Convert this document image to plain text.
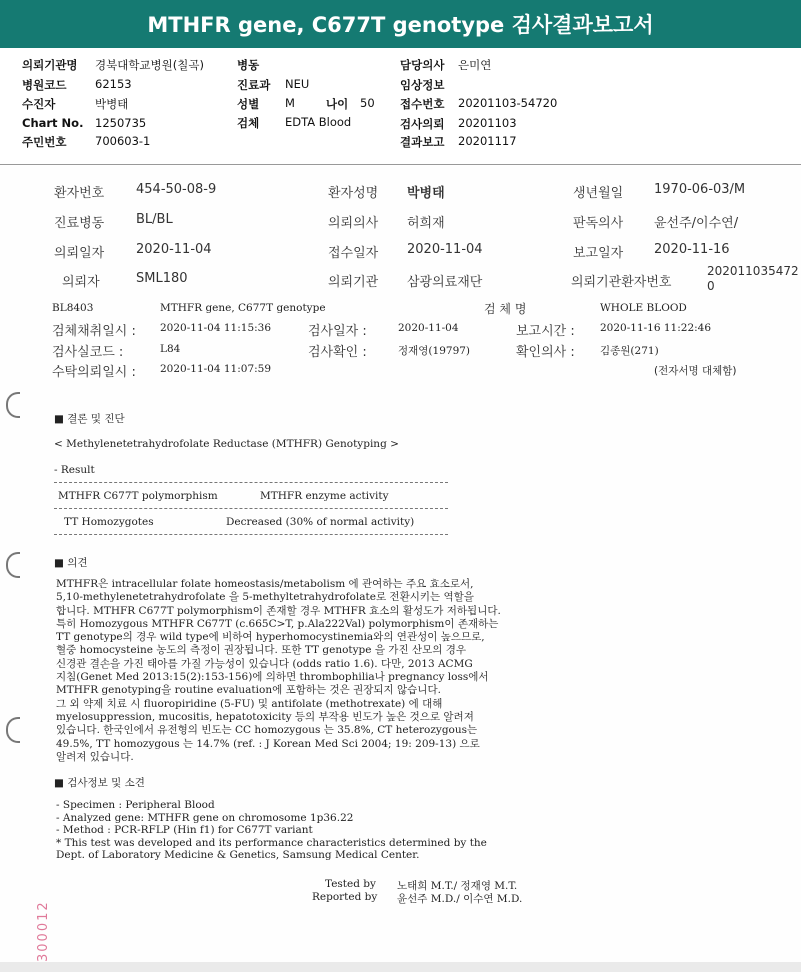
MTHFR gene, C677T genotype 검사결과보고서
의뢰기관명 경북대학교병원(칠곡)
병원코드 62153
수진자	박병태
Chart No. 1250735
주민번호 700603-1
병동
진료과 NEU
성별 M	나이 50
검체 EDTA Blood
담당의사 은미연
임상정보
접수번호 20201103-54720
검사의뢰 20201103
결과보고 20201117
환자번호 454-50-08-9	환자성명 박병태	생년월일 1970-06-03/M
진료병동 BL/BL	의뢰의사 허희재	판독의사 윤선주/이수연/
의뢰일자 2020-11-04	접수일자 2020-11-04	보고일자 2020-11-16
의뢰자	SML180	의뢰기관 삼광의료재단	의뢰기관환자번호
202011035472
0
BL8403	MTHFR gene, C677T genotype	검 체 명	WHOLE BLOOD
검체채취일시 : 2020-11-04 11:15:36	검사일자 :	2020-11-04	보고시간 : 2020-11-16 11:22:46
검사실코드 :	L84	검사확인 :	정재영(19797)	확인의사 : 김종원(271)
수탁의뢰일시 : 2020-11-04 11:07:59	(전자서명 대체함)
■ 결론 및 진단
< Methylenetetrahydrofolate Reductase (MTHFR) Genotyping >
- Result
MTHFR C677T polymorphism	MTHFR enzyme activity
TT Homozygotes	Decreased (30% of normal activity)
■ 의견
MTHFR은 intracellular folate homeostasis/metabolism 에 관여하는 주요 효소로서,
5,10-methylenetetrahydrofolate 을 5-methyltetrahydrofolate로 전환시키는 역할을
합니다. MTHFR C677T polymorphism이 존재할 경우 MTHFR 효소의 활성도가 저하됩니다.
특히 Homozygous MTHFR C677T (c.665C>T, p.Ala222Val) polymorphism이 존재하는
TT genotype의 경우 wild type에 비하여 hyperhomocystinemia와의 연관성이 높으므로,
혈중 homocysteine 농도의 측정이 권장됩니다. 또한 TT genotype 을 가진 산모의 경우
신경관 결손을 가진 태아를 가질 가능성이 있습니다 (odds ratio 1.6). 다만, 2013 ACMG
지침(Genet Med 2013:15(2):153-156)에 의하면 thrombophilia나 pregnancy loss에서
MTHFR genotyping을 routine evaluation에 포함하는 것은 권장되지 않습니다.
그 외 약제 치료 시 fluoropiridine (5-FU) 및 antifolate (methotrexate) 에 대해
myelosuppression, mucositis, hepatotoxicity 등의 부작용 빈도가 높은 것으로 알려져
있습니다. 한국인에서 유전형의 빈도는 CC homozygous 는 35.8%, CT heterozygous는
49.5%, TT homozygous 는 14.7% (ref. : J Korean Med Sci 2004; 19: 209-13) 으로
알려져 있습니다.
■ 검사정보 및 소견
- Specimen : Peripheral Blood
- Analyzed gene: MTHFR gene on chromosome 1p36.22
- Method : PCR-RFLP (Hin f1) for C677T variant
* This test was developed and its performance characteristics determined by the
Dept. of Laboratory Medicine & Genetics, Samsung Medical Center.
Tested by 노태희 M.T./ 정재영 M.T.
Reported by 윤선주 M.D./ 이수연 M.D.
300012
